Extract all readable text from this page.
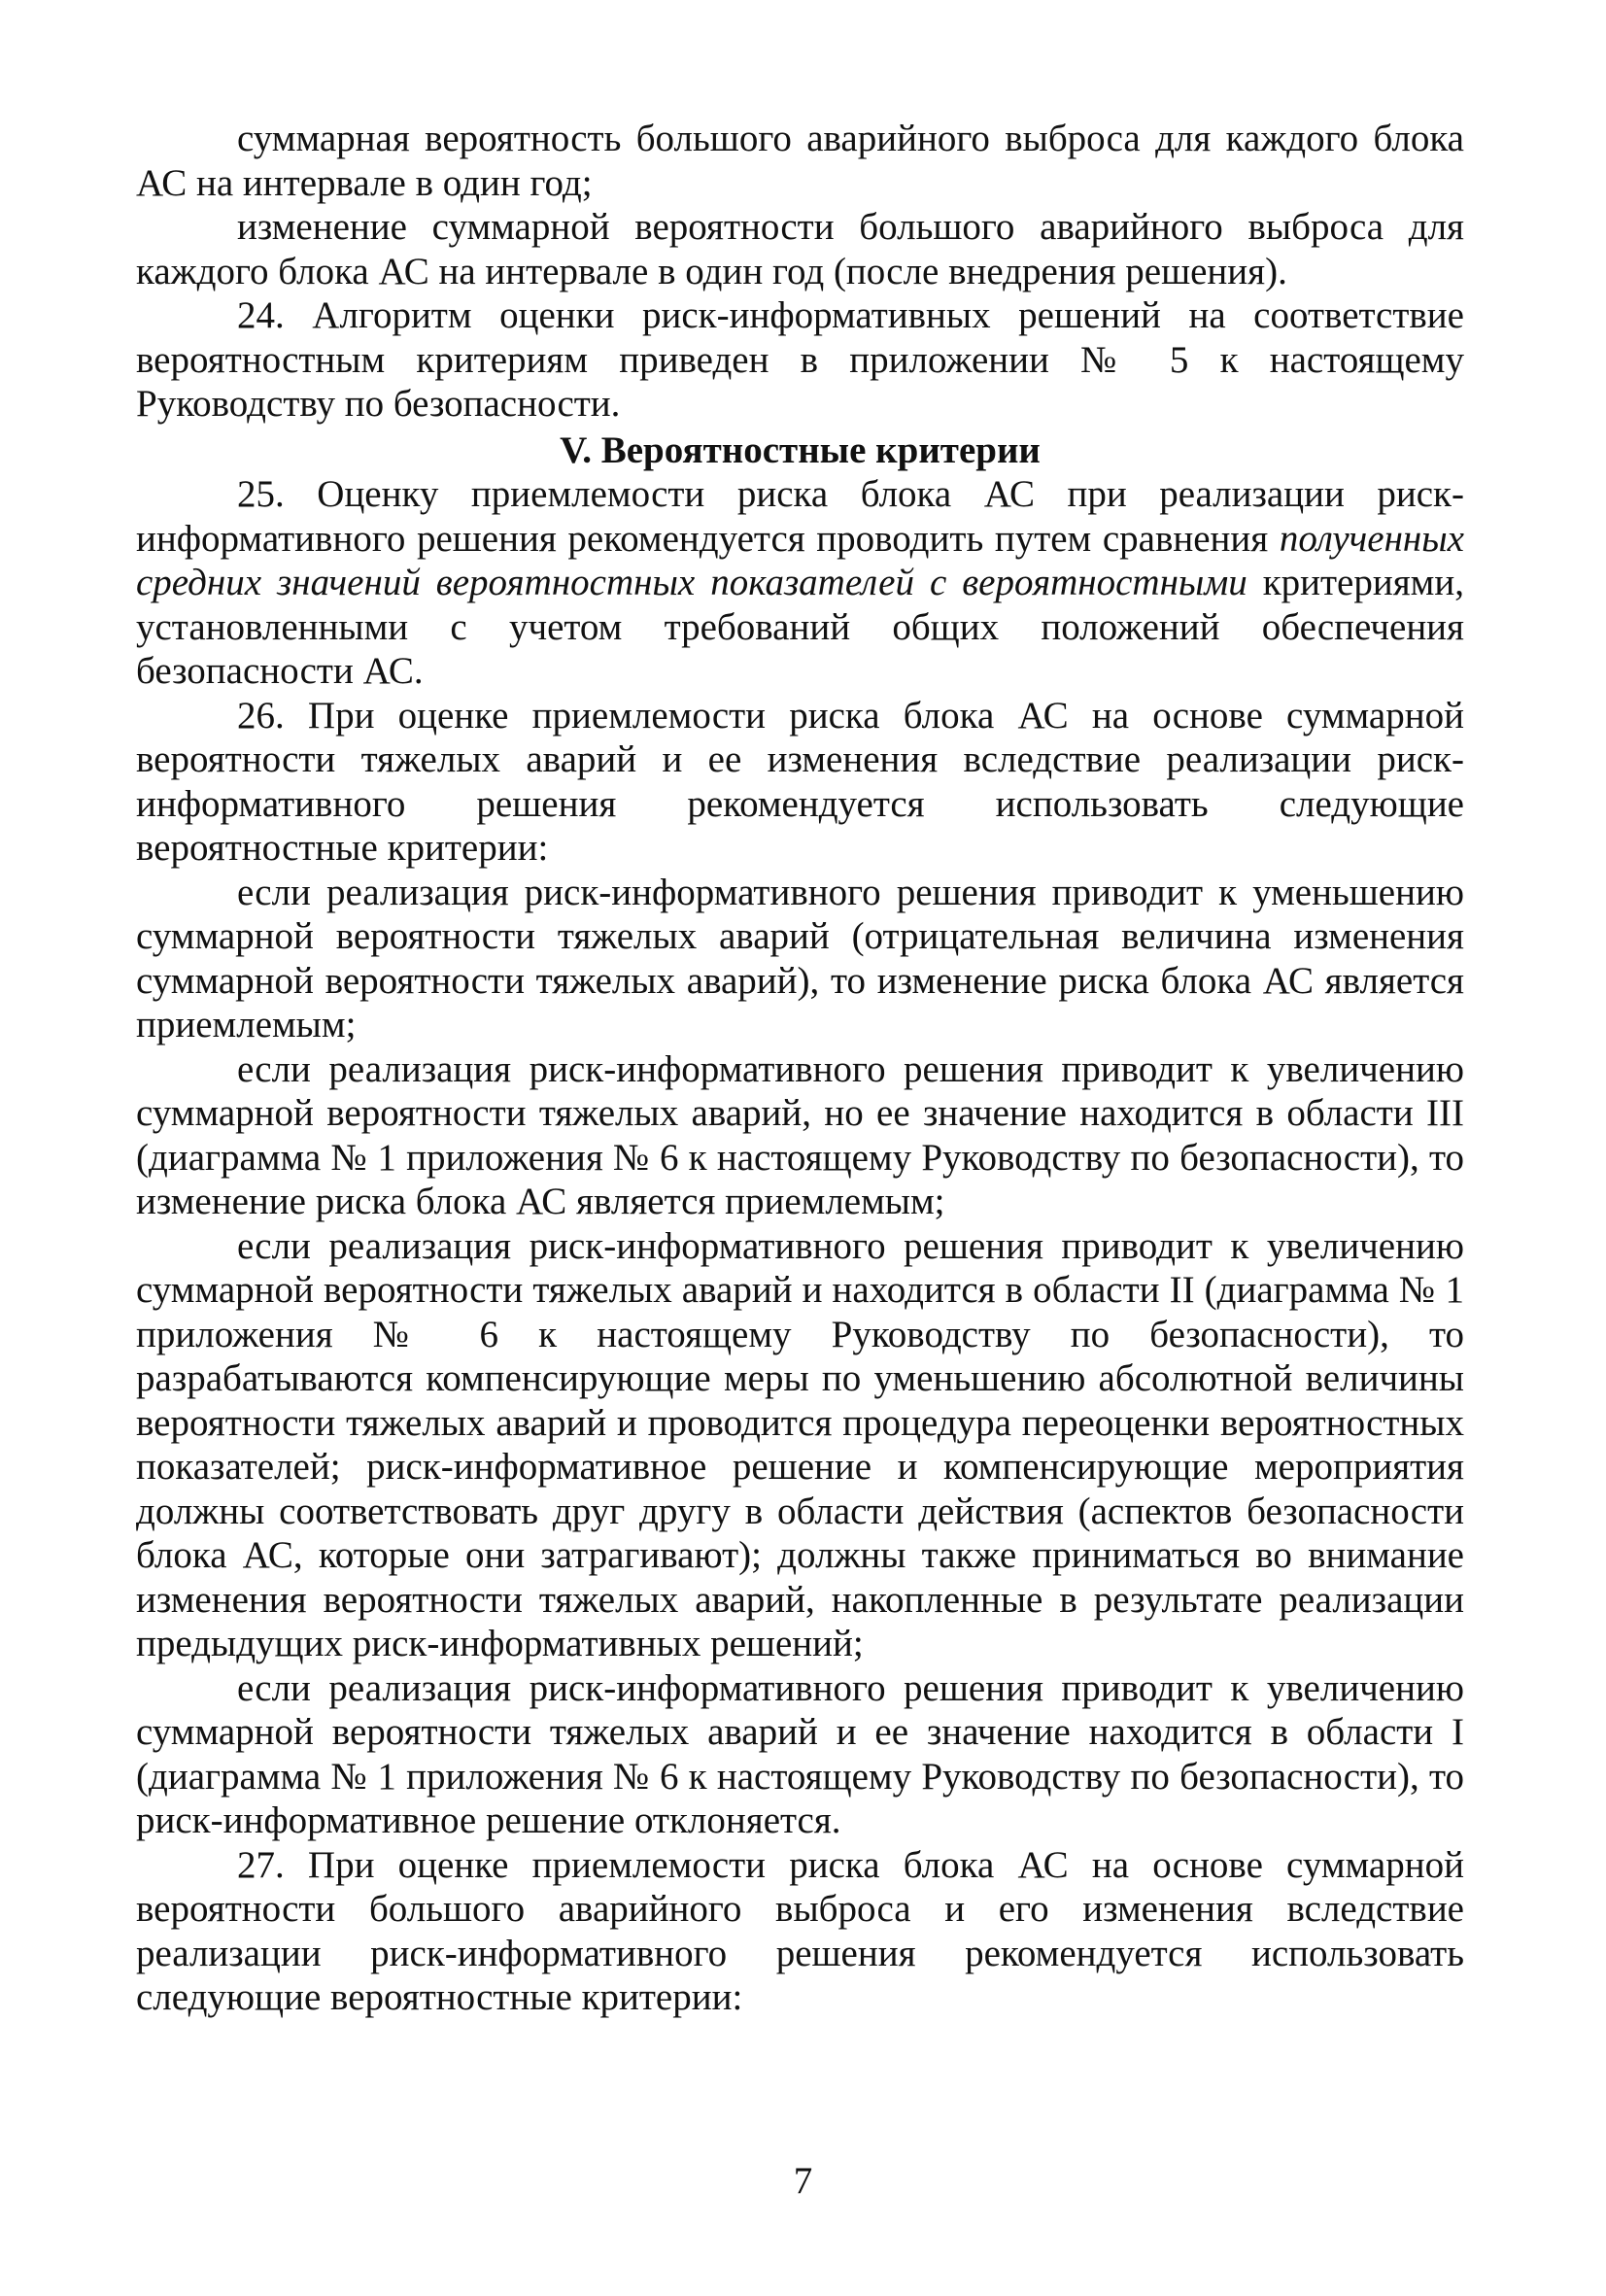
суммарная вероятность большого аварийного выброса для каждого блока АС на интервале в один год;

изменение суммарной вероятности большого аварийного выброса для каждого блока АС на интервале в один год (после внедрения решения).

24. Алгоритм оценки риск-информативных решений на соответствие вероятностным критериям приведен в приложении № 5 к настоящему Руководству по безопасности.

V. Вероятностные критерии

25. Оценку приемлемости риска блока АС при реализации риск-информативного решения рекомендуется проводить путем сравнения полученных средних значений вероятностных показателей с вероятностными критериями, установленными с учетом требований общих положений обеспечения безопасности АС.

26. При оценке приемлемости риска блока АС на основе суммарной вероятности тяжелых аварий и ее изменения вследствие реализации риск-информативного решения рекомендуется использовать следующие вероятностные критерии:

если реализация риск-информативного решения приводит к уменьшению суммарной вероятности тяжелых аварий (отрицательная величина изменения суммарной вероятности тяжелых аварий), то изменение риска блока АС является приемлемым;

если реализация риск-информативного решения приводит к увеличению суммарной вероятности тяжелых аварий, но ее значение находится в области III (диаграмма № 1 приложения № 6 к настоящему Руководству по безопасности), то изменение риска блока АС является приемлемым;

если реализация риск-информативного решения приводит к увеличению суммарной вероятности тяжелых аварий и находится в области II (диаграмма № 1 приложения № 6 к настоящему Руководству по безопасности), то разрабатываются компенсирующие меры по уменьшению абсолютной величины вероятности тяжелых аварий и проводится процедура переоценки вероятностных показателей; риск-информативное решение и компенсирующие мероприятия должны соответствовать друг другу в области действия (аспектов безопасности блока АС, которые они затрагивают); должны также приниматься во внимание изменения вероятности тяжелых аварий, накопленные в результате реализации предыдущих риск-информативных решений;

если реализация риск-информативного решения приводит к увеличению суммарной вероятности тяжелых аварий и ее значение находится в области I (диаграмма № 1 приложения № 6 к настоящему Руководству по безопасности), то риск-информативное решение отклоняется.

27. При оценке приемлемости риска блока АС на основе суммарной вероятности большого аварийного выброса и его изменения вследствие реализации риск-информативного решения рекомендуется использовать следующие вероятностные критерии:

7
